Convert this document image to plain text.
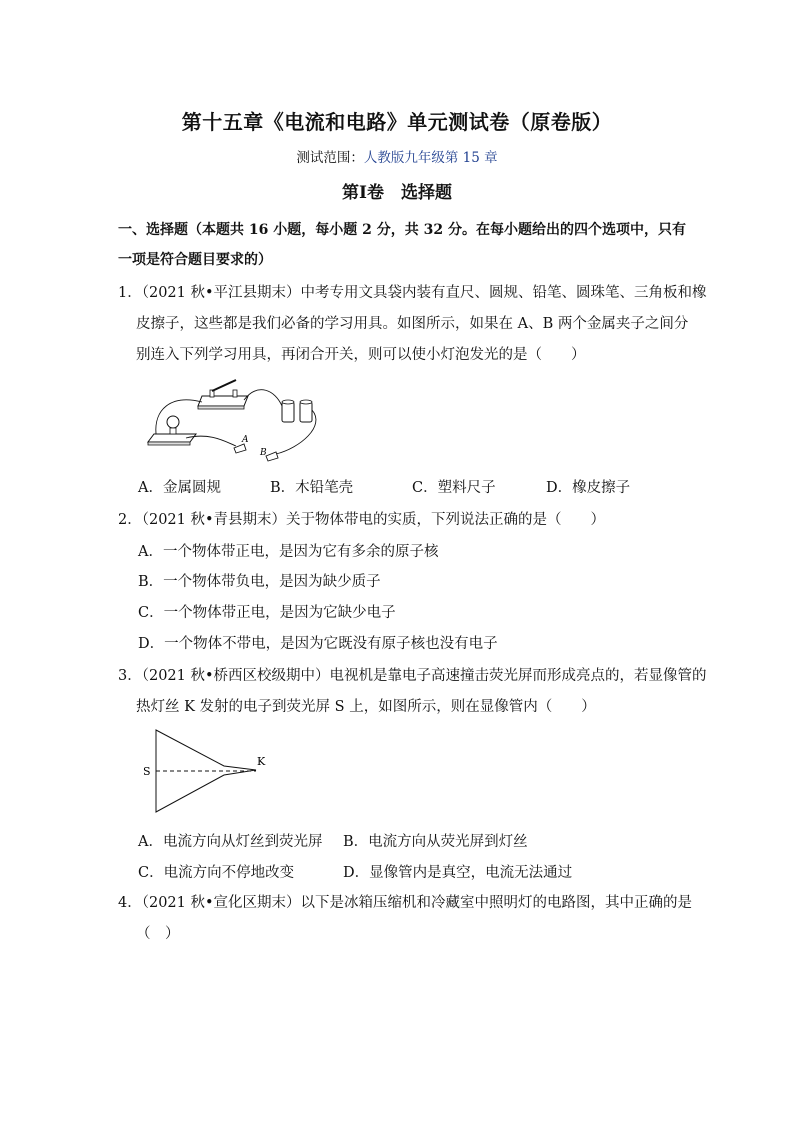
第十五章《电流和电路》单元测试卷（原卷版）
测试范围：人教版九年级第 15 章
第Ⅰ卷　选择题
一、选择题（本题共 16 小题，每小题 2 分，共 32 分。在每小题给出的四个选项中，只有
一项是符合题目要求的）
1．（2021 秋•平江县期末）中考专用文具袋内装有直尺、圆规、铅笔、圆珠笔、三角板和橡
皮擦子，这些都是我们必备的学习用具。如图所示，如果在 A、B 两个金属夹子之间分
别连入下列学习用具，再闭合开关，则可以使小灯泡发光的是（　　）
A
B
A．金属圆规	B．木铅笔壳	C．塑料尺子	D．橡皮擦子
2．（2021 秋•青县期末）关于物体带电的实质，下列说法正确的是（　　）
A．一个物体带正电，是因为它有多余的原子核
B．一个物体带负电，是因为缺少质子
C．一个物体带正电，是因为它缺少电子
D．一个物体不带电，是因为它既没有原子核也没有电子
3．（2021 秋•桥西区校级期中）电视机是靠电子高速撞击荧光屏而形成亮点的，若显像管的
热灯丝 K 发射的电子到荧光屏 S 上，如图所示，则在显像管内（　　）
S
K
A．电流方向从灯丝到荧光屏 B．电流方向从荧光屏到灯丝
C．电流方向不停地改变	D．显像管内是真空，电流无法通过
4．（2021 秋•宣化区期末）以下是冰箱压缩机和冷藏室中照明灯的电路图，其中正确的是
（　）
